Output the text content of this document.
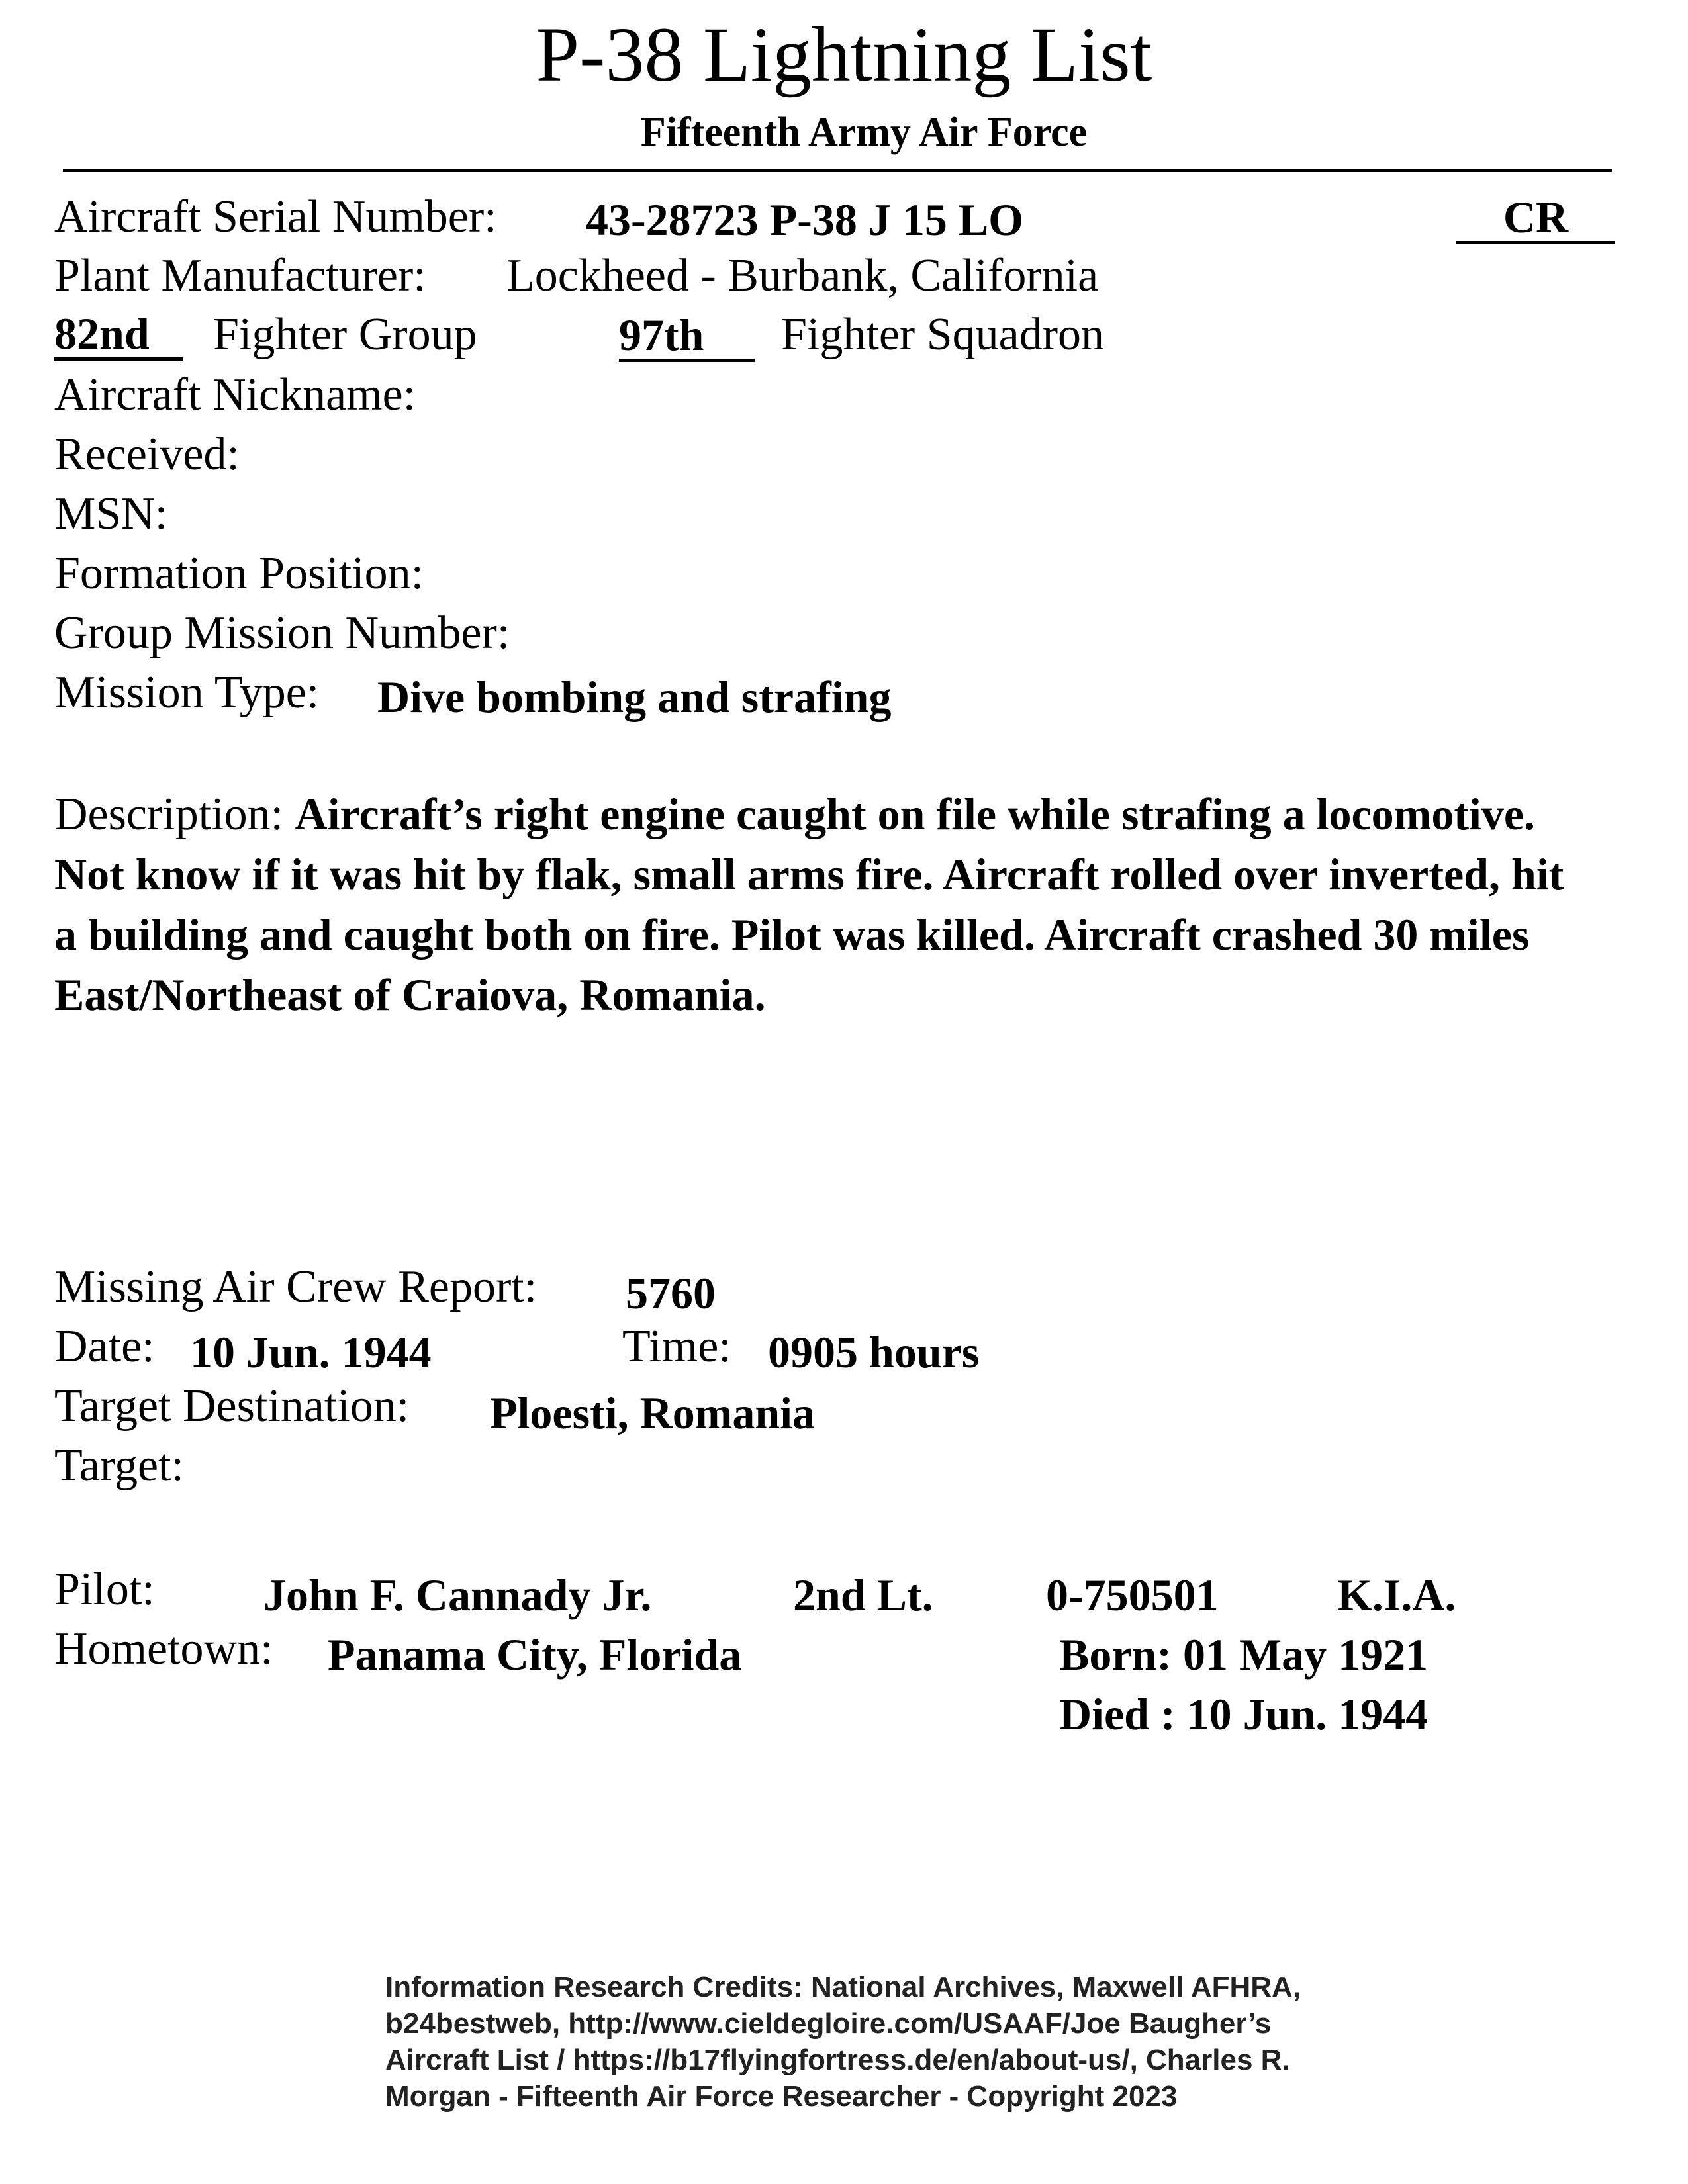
P-38 Lightning List
Fifteenth Army Air Force
Aircraft Serial Number: 43-28723 P-38 J 15 LO	CR
Plant Manufacturer: Lockheed - Burbank, California
82nd	Fighter Group	97th	Fighter Squadron
Aircraft Nickname:
Received:
MSN:
Formation Position:
Group Mission Number:
Mission Type: Dive bombing and strafing
Description: Aircraft’s right engine caught on file while strafing a locomotive. Not know if it was hit by flak, small arms fire. Aircraft rolled over inverted, hit a building and caught both on fire. Pilot was killed. Aircraft crashed 30 miles East/Northeast of Craiova, Romania.
Missing Air Crew Report: 5760
Date: 10 Jun. 1944	Time: 0905 hours
Target Destination: Ploesti, Romania
Target:
Pilot: John F. Cannady Jr.	2nd Lt.	0-750501	K.I.A.
Hometown: Panama City, Florida	Born: 01 May 1921
Died : 10 Jun. 1944
Information Research Credits: National Archives, Maxwell AFHRA,
b24bestweb, http://www.cieldegloire.com/USAAF/Joe Baugher’s
Aircraft List / https://b17flyingfortress.de/en/about-us/, Charles R.
Morgan - Fifteenth Air Force Researcher - Copyright 2023
